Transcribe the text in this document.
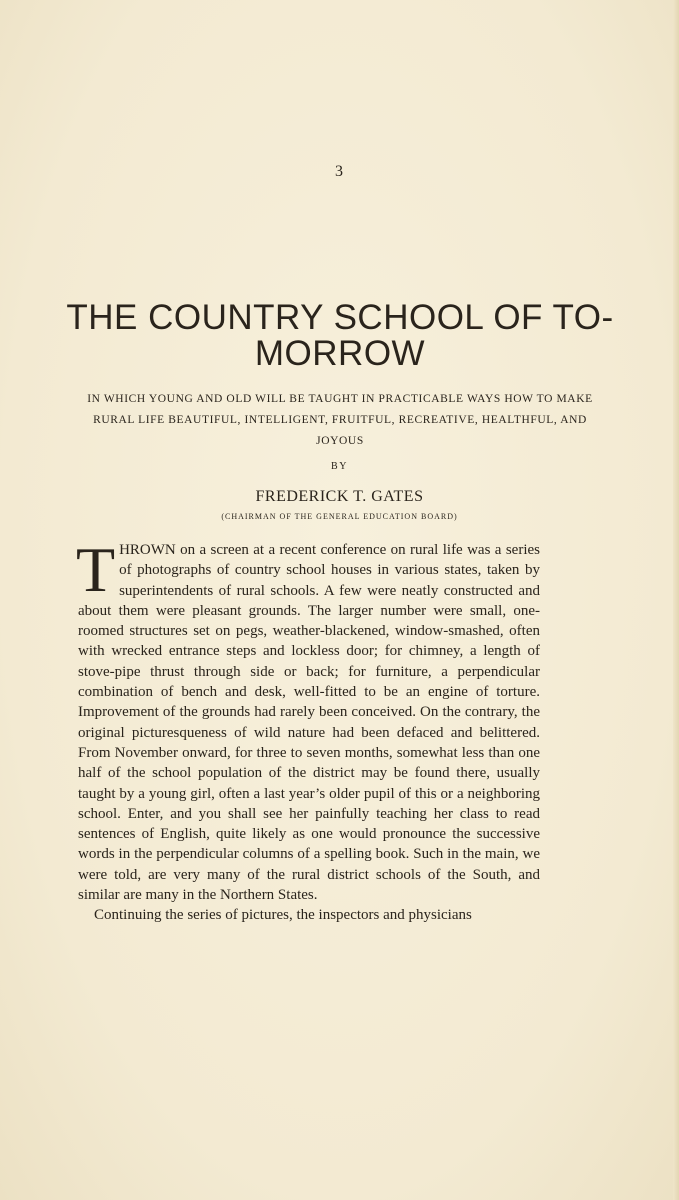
3
THE COUNTRY SCHOOL OF TO-MORROW
IN WHICH YOUNG AND OLD WILL BE TAUGHT IN PRACTICABLE WAYS HOW TO MAKE RURAL LIFE BEAUTIFUL, INTELLIGENT, FRUITFUL, RECREATIVE, HEALTHFUL, AND JOYOUS
BY
FREDERICK T. GATES
(CHAIRMAN OF THE GENERAL EDUCATION BOARD)

THROWN on a screen at a recent conference on rural life was a series of photographs of country school houses in various states, taken by superintendents of rural schools. A few were neatly constructed and about them were pleasant grounds. The larger number were small, one-roomed structures set on pegs, weather-blackened, window-smashed, often with wrecked entrance steps and lockless door; for chimney, a length of stove-pipe thrust through side or back; for furniture, a perpendicular combination of bench and desk, well-fitted to be an engine of torture. Improvement of the grounds had rarely been conceived. On the contrary, the original picturesqueness of wild nature had been defaced and belittered. From November onward, for three to seven months, somewhat less than one half of the school population of the district may be found there, usually taught by a young girl, often a last year’s older pupil of this or a neighboring school. Enter, and you shall see her painfully teaching her class to read sentences of English, quite likely as one would pronounce the successive words in the perpendicular columns of a spelling book. Such in the main, we were told, are very many of the rural district schools of the South, and similar are many in the Northern States.

Continuing the series of pictures, the inspectors and physicians
